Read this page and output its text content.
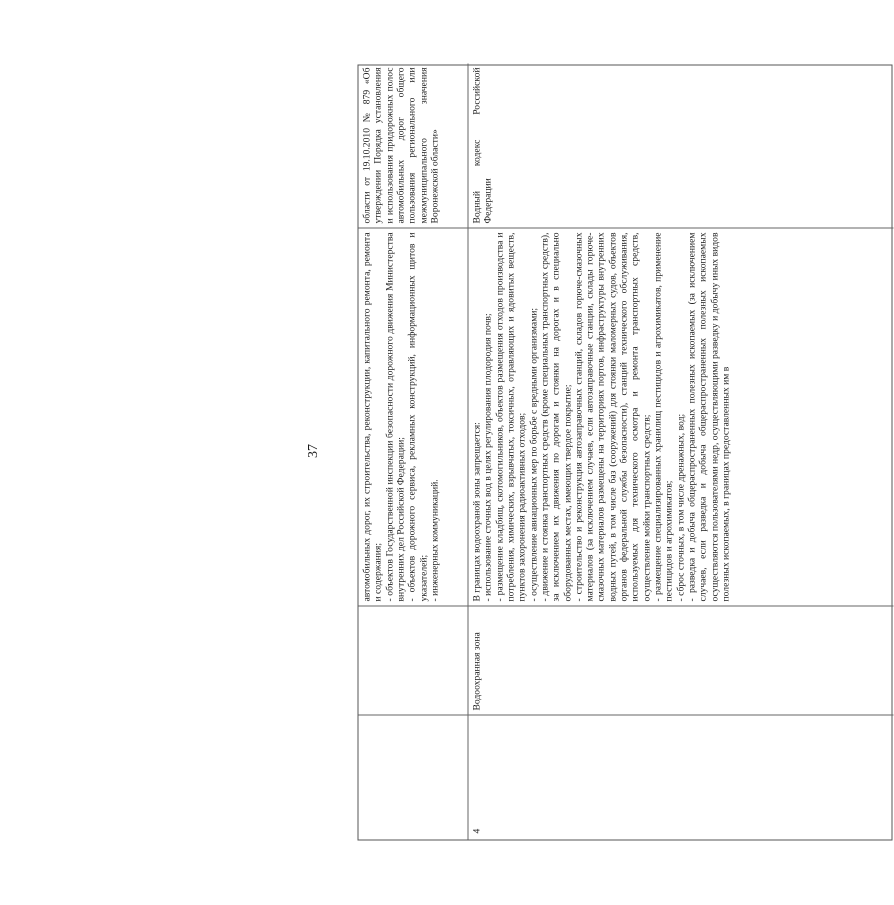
37	автомобильных дорог, их строительства, реконструкции, капитального ремонта, ремонта и содержания; - объектов Государственной инспекции безопасности дорожного движения Министерства внутренних дел Российской Федерации; - объектов дорожного сервиса, рекламных конструкций, информационных щитов и указателей; - инженерных коммуникаций.

области от 19.10.2010 № 879 «Об утверждении Порядка установления и использования придорожных полос автомобильных дорог общего пользования регионального или межмуниципального значения Воронежской области»

4
Водоохранная зона

В границах водоохраной зоны запрещается: - использование сточных вод в целях регулирования плодородия почв; - размещение кладбищ, скотомогильников, объектов размещения отходов производства и потребления, химических, взрывчатых, токсичных, отравляющих и ядовитых веществ, пунктов захоронения радиоактивных отходов; - осуществление авиационных мер по борьбе с вредными организмами; - движение и стоянка транспортных средств (кроме специальных транспортных средств), за исключением их движения по дорогам и стоянки на дорогах и в специально оборудованных местах, имеющих твердое покрытие; - строительство и реконструкция автозаправочных станций, складов горюче-смазочных материалов (за исключением случаев, если автозаправочные станции, склады горюче-смазочных материалов размещены на территориях портов, инфраструктуры внутренних водных путей, в том числе баз (сооружений) для стоянки маломерных судов, объектов органов федеральной службы безопасности), станций технического обслуживания, используемых для технического осмотра и ремонта транспортных средств, осуществление мойки транспортных средств; - размещение специализированных хранилищ пестицидов и агрохимикатов, применение пестицидов и агрохимикатов; - сброс сточных, в том числе дренажных, вод; - разведка и добыча общераспространенных полезных ископаемых (за исключением случаев, если разведка и добыча общераспространенных полезных ископаемых осуществляются пользователями недр, осуществляющими разведку и добычу иных видов полезных ископаемых, в границах предоставленных им в

Водный кодекс Российской Федерации
